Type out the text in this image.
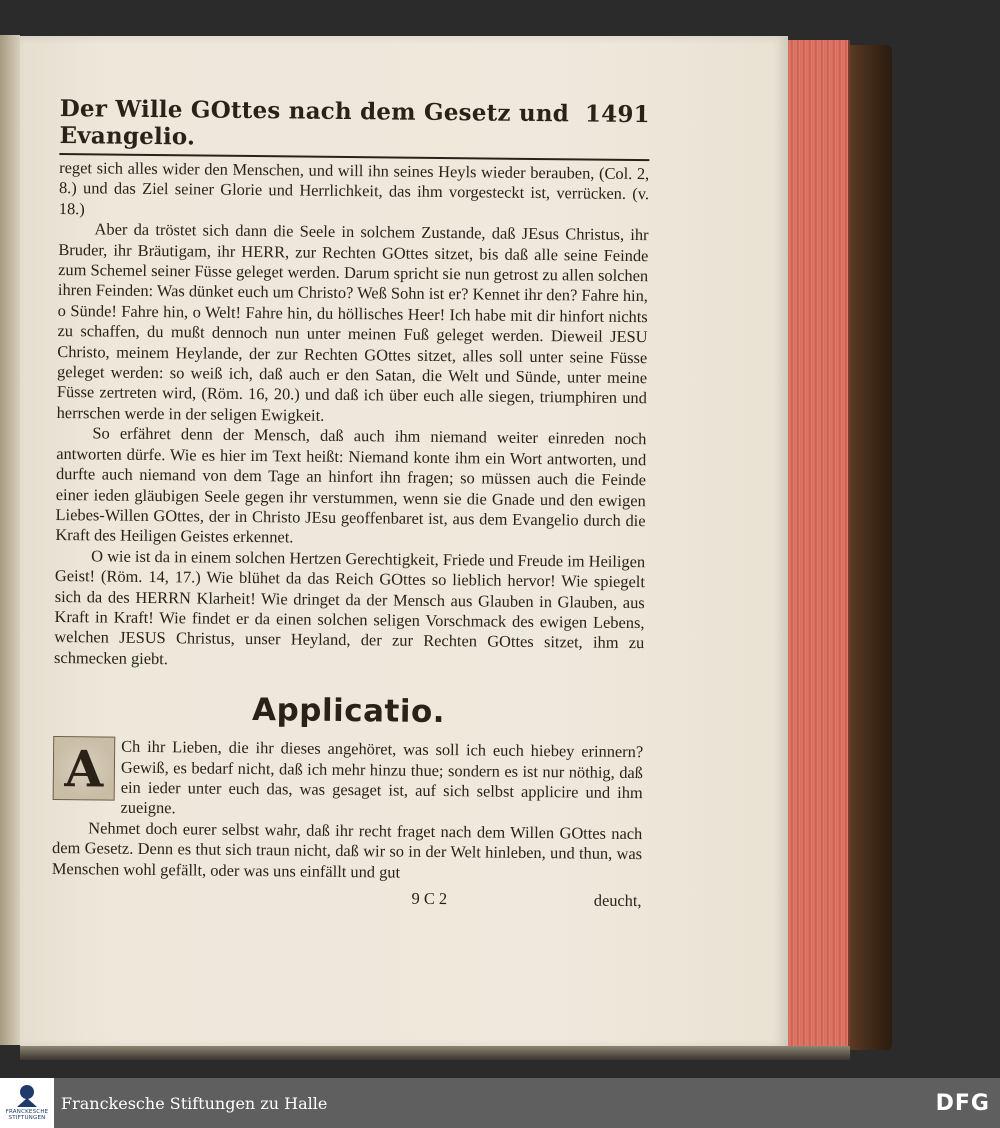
Der Wille GOttes nach dem Gesetz und Evangelio.
1491

reget sich alles wider den Menschen, und will ihn seines Heyls wieder berauben, (Col. 2, 8.) und das Ziel seiner Glorie und Herrlichkeit, das ihm vorgesteckt ist, verrücken. (v. 18.)

Aber da tröstet sich dann die Seele in solchem Zustande, daß JEsus Christus, ihr Bruder, ihr Bräutigam, ihr HERR, zur Rechten GOttes sitzet, bis daß alle seine Feinde zum Schemel seiner Füsse geleget werden. Darum spricht sie nun getrost zu allen solchen ihren Feinden: Was dünket euch um Christo? Weß Sohn ist er? Kennet ihr den? Fahre hin, o Sünde! Fahre hin, o Welt! Fahre hin, du höllisches Heer! Ich habe mit dir hinfort nichts zu schaffen, du mußt dennoch nun unter meinen Fuß geleget werden. Dieweil JESU Christo, meinem Heylande, der zur Rechten GOttes sitzet, alles soll unter seine Füsse geleget werden: so weiß ich, daß auch er den Satan, die Welt und Sünde, unter meine Füsse zertreten wird, (Röm. 16, 20.) und daß ich über euch alle siegen, triumphiren und herrschen werde in der seligen Ewigkeit.

So erfähret denn der Mensch, daß auch ihm niemand weiter einreden noch antworten dürfe. Wie es hier im Text heißt: Niemand konte ihm ein Wort antworten, und durfte auch niemand von dem Tage an hinfort ihn fragen; so müssen auch die Feinde einer ieden gläubigen Seele gegen ihr verstummen, wenn sie die Gnade und den ewigen Liebes-Willen GOttes, der in Christo JEsu geoffenbaret ist, aus dem Evangelio durch die Kraft des Heiligen Geistes erkennet.

O wie ist da in einem solchen Hertzen Gerechtigkeit, Friede und Freude im Heiligen Geist! (Röm. 14, 17.) Wie blühet da das Reich GOttes so lieblich hervor! Wie spiegelt sich da des HERRN Klarheit! Wie dringet da der Mensch aus Glauben in Glauben, aus Kraft in Kraft! Wie findet er da einen solchen seligen Vorschmack des ewigen Lebens, welchen JESUS Christus, unser Heyland, der zur Rechten GOttes sitzet, ihm zu schmecken giebt.

Applicatio.
A	Ch ihr Lieben, die ihr dieses angehöret, was soll ich euch hiebey erinnern? Gewiß, es bedarf nicht, daß ich mehr hinzu thue; sondern es ist nur nöthig, daß ein ieder unter euch das, was gesaget ist, auf sich selbst applicire und ihm zueigne.

Nehmet doch eurer selbst wahr, daß ihr recht fraget nach dem Willen GOttes nach dem Gesetz. Denn es thut sich traun nicht, daß wir so in der Welt hinleben, und thun, was Menschen wohl gefällt, oder was uns einfällt und gut

9 C 2	deucht,
FRANCKESCHE
STIFTUNGEN
Franckesche Stiftungen zu Halle	DFG
